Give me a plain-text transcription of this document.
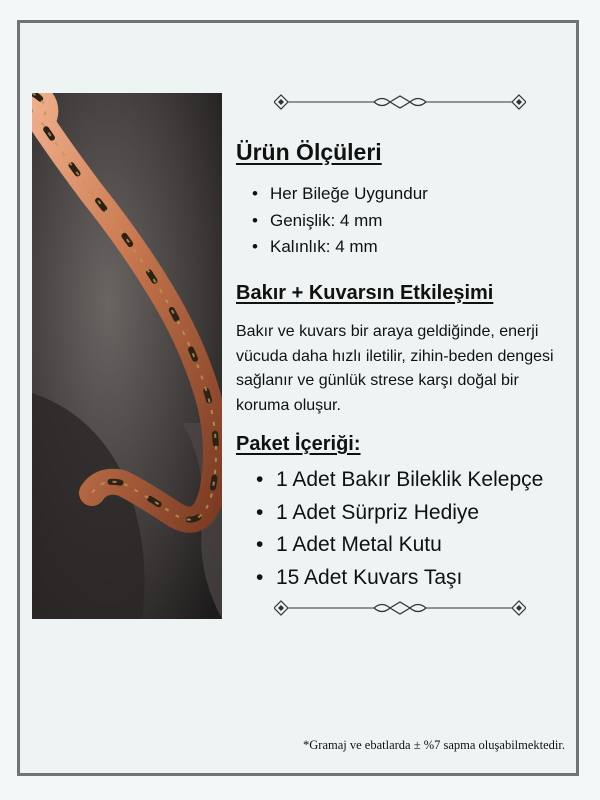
Ürün Ölçüleri
• Her Bileğe Uygundur
• Genişlik: 4 mm
• Kalınlık: 4 mm
Bakır + Kuvarsın Etkileşimi

Bakır ve kuvars bir araya geldiğinde, enerji vücuda daha hızlı iletilir, zihin-beden dengesi sağlanır ve günlük strese karşı doğal bir koruma oluşur.

Paket İçeriği:
• 1 Adet Bakır Bileklik Kelepçe
• 1 Adet Sürpriz Hediye
• 1 Adet Metal Kutu
• 15 Adet Kuvars Taşı

*Gramaj ve ebatlarda ± %7 sapma oluşabilmektedir.
